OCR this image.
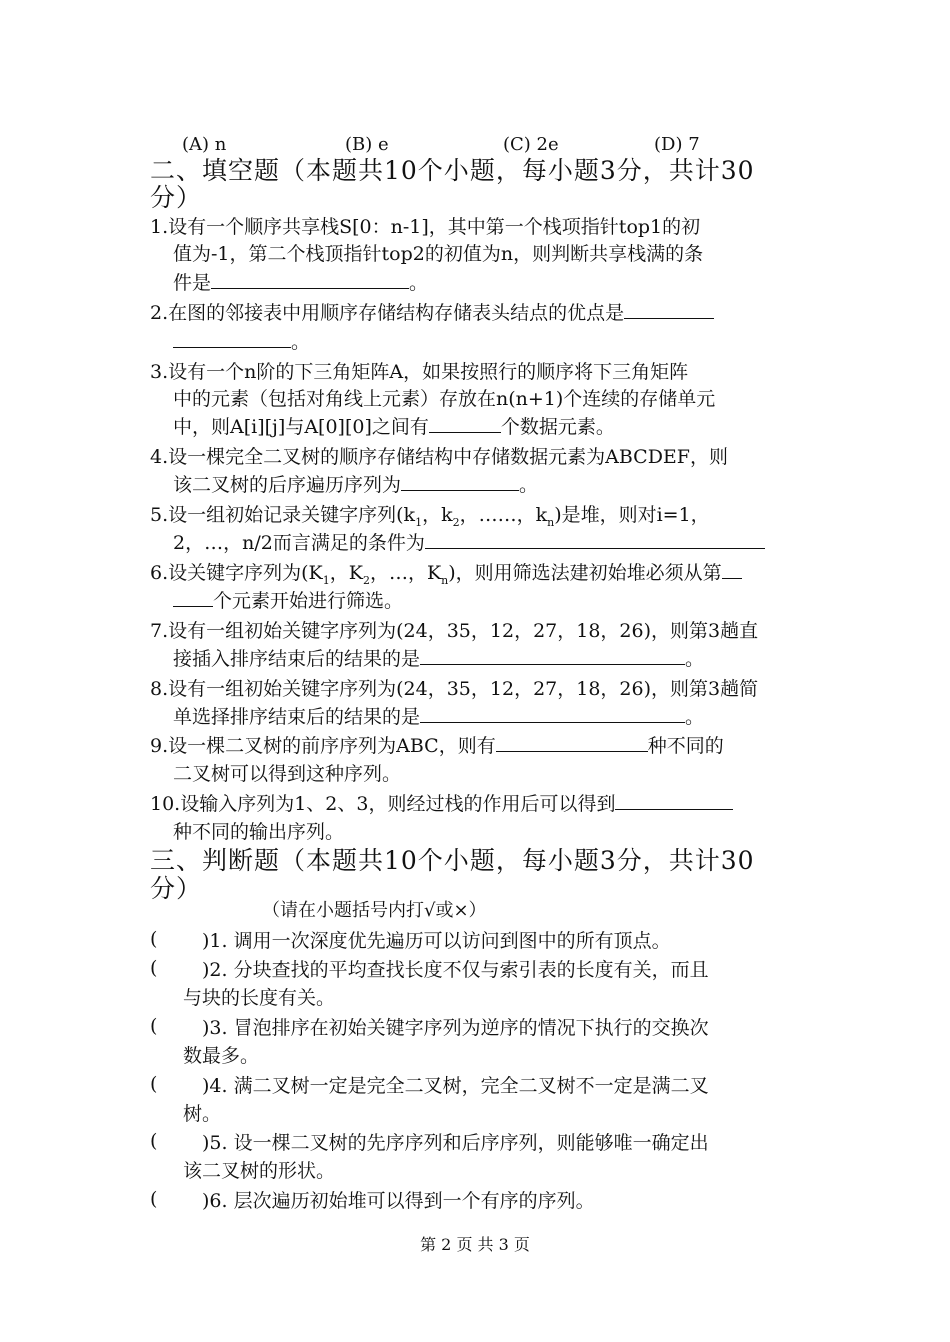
(A) n	(B) e	(C) 2e	(D) 7
二、填空题（本题共10个小题，每小题3分，共计30
分）
1.设有一个顺序共享栈S[0：n-1]，其中第一个栈项指针top1的初
值为-1，第二个栈顶指针top2的初值为n，则判断共享栈满的条
件是	。
2.在图的邻接表中用顺序存储结构存储表头结点的优点是
。
3.设有一个n阶的下三角矩阵A，如果按照行的顺序将下三角矩阵
中的元素（包括对角线上元素）存放在n(n+1)个连续的存储单元
中，则A[i][j]与A[0][0]之间有	个数据元素。
4.设一棵完全二叉树的顺序存储结构中存储数据元素为ABCDEF，则
该二叉树的后序遍历序列为	。
5.设一组初始记录关键字序列($k_1$，$k_2$，……，$k_n$)是堆，则对i=1，
2，…，n/2而言满足的条件为
6.设关键字序列为($K_1$，$K_2$，…，$K_n$)，则用筛选法建初始堆必须从第
个元素开始进行筛选。
7.设有一组初始关键字序列为(24，35，12，27，18，26)，则第3趟直
接插入排序结束后的结果的是	。
8.设有一组初始关键字序列为(24，35，12，27，18，26)，则第3趟简
单选择排序结束后的结果的是	。
9.设一棵二叉树的前序序列为ABC，则有	种不同的
二叉树可以得到这种序列。
10.设输入序列为1、2、3，则经过栈的作用后可以得到
种不同的输出序列。
三、判断题（本题共10个小题，每小题3分，共计30
分）
（请在小题括号内打√或×）
( )1. 调用一次深度优先遍历可以访问到图中的所有顶点。
( )2. 分块查找的平均查找长度不仅与索引表的长度有关，而且
与块的长度有关。
( )3. 冒泡排序在初始关键字序列为逆序的情况下执行的交换次
数最多。
( )4. 满二叉树一定是完全二叉树，完全二叉树不一定是满二叉
树。
( )5. 设一棵二叉树的先序序列和后序序列，则能够唯一确定出
该二叉树的形状。
( )6. 层次遍历初始堆可以得到一个有序的序列。
第 2 页 共 3 页
